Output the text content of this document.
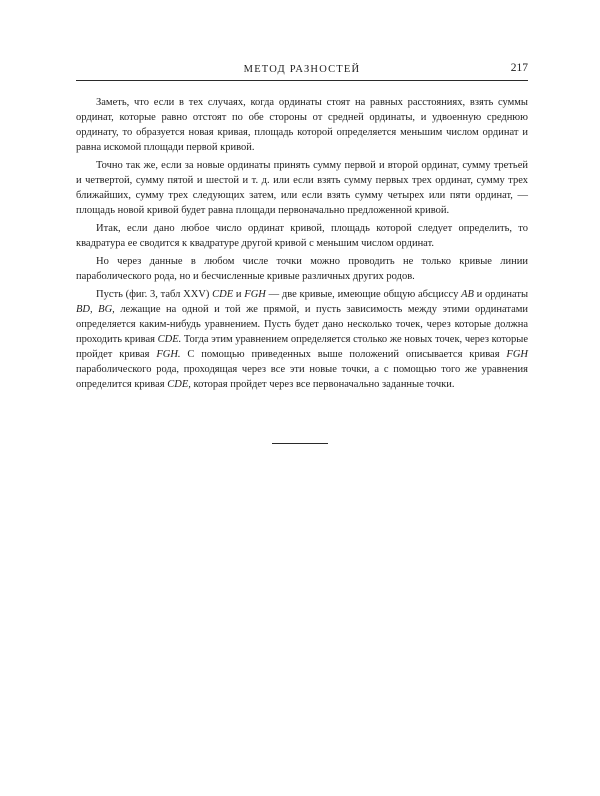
МЕТОД РАЗНОСТЕЙ	217

Заметь, что если в тех случаях, когда ординаты стоят на равных расстояниях, взять суммы ординат, которые равно отстоят по обе стороны от средней ординаты, и удвоенную среднюю ординату, то образуется новая кривая, площадь которой определяется меньшим числом ординат и равна искомой площади первой кривой.

Точно так же, если за новые ординаты принять сумму первой и второй ординат, сумму третьей и четвертой, сумму пятой и шестой и т. д. или если взять сумму первых трех ординат, сумму трех ближайших, сумму трех следующих затем, или если взять сумму четырех или пяти ординат, — площадь новой кривой будет равна площади первоначально предложенной кривой.

Итак, если дано любое число ординат кривой, площадь которой следует определить, то квадратура ее сводится к квадратуре другой кривой с меньшим числом ординат.

Но через данные в любом числе точки можно проводить не только кривые линии параболического рода, но и бесчисленные кривые различных других родов.

Пусть (фиг. 3, табл XXV) CDE и FGH — две кривые, имеющие общую абсциссу AB и ординаты BD, BG, лежащие на одной и той же прямой, и пусть зависимость между этими ординатами определяется каким-нибудь уравнением. Пусть будет дано несколько точек, через которые должна проходить кривая CDE. Тогда этим уравнением определяется столько же новых точек, через которые пройдет кривая FGH. С помощью приведенных выше положений описывается кривая FGH параболического рода, проходящая через все эти новые точки, а с помощью того же уравнения определится кривая CDE, которая пройдет через все первоначально заданные точки.
